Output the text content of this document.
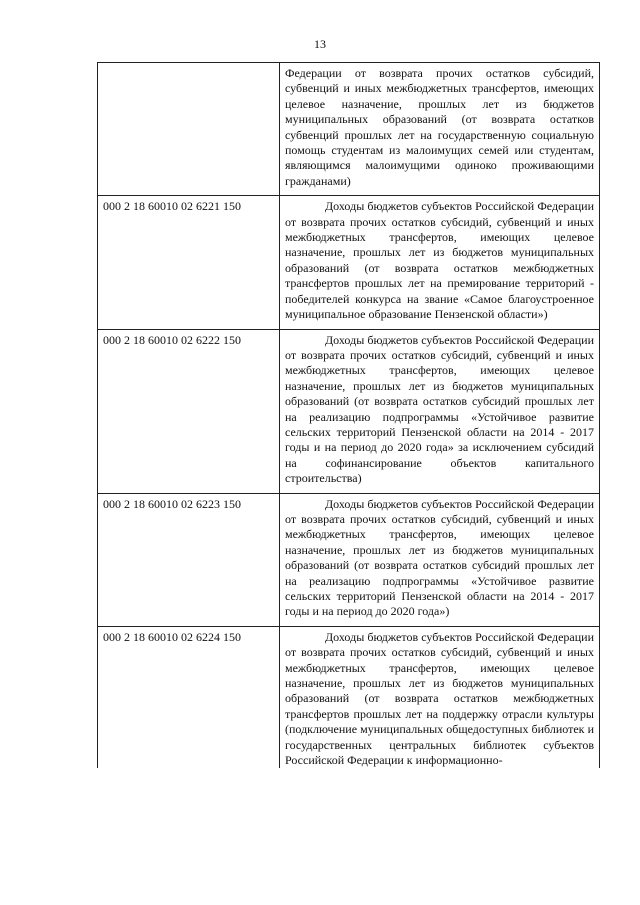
13
	Федерации от возврата прочих остатков субсидий, субвенций и иных межбюджетных трансфертов, имеющих целевое назначение, прошлых лет из бюджетов муниципальных образований (от возврата остатков субвенций прошлых лет на государственную социальную помощь студентам из малоимущих семей или студентам, являющимся малоимущими одиноко проживающими гражданами)
000 2 18 60010 02 6221 150	Доходы бюджетов субъектов Российской Федерации от возврата прочих остатков субсидий, субвенций и иных межбюджетных трансфертов, имеющих целевое назначение, прошлых лет из бюджетов муниципальных образований (от возврата остатков межбюджетных трансфертов прошлых лет на премирование территорий - победителей конкурса на звание «Самое благоустроенное муниципальное образование Пензенской области»)
000 2 18 60010 02 6222 150	Доходы бюджетов субъектов Российской Федерации от возврата прочих остатков субсидий, субвенций и иных межбюджетных трансфертов, имеющих целевое назначение, прошлых лет из бюджетов муниципальных образований (от возврата остатков субсидий прошлых лет на реализацию подпрограммы «Устойчивое развитие сельских территорий Пензенской области на 2014 - 2017 годы и на период до 2020 года» за исключением субсидий на софинансирование объектов капитального строительства)
000 2 18 60010 02 6223 150	Доходы бюджетов субъектов Российской Федерации от возврата прочих остатков субсидий, субвенций и иных межбюджетных трансфертов, имеющих целевое назначение, прошлых лет из бюджетов муниципальных образований (от возврата остатков субсидий прошлых лет на реализацию подпрограммы «Устойчивое развитие сельских территорий Пензенской области на 2014 - 2017 годы и на период до 2020 года»)
000 2 18 60010 02 6224 150	Доходы бюджетов субъектов Российской Федерации от возврата прочих остатков субсидий, субвенций и иных межбюджетных трансфертов, имеющих целевое назначение, прошлых лет из бюджетов муниципальных образований (от возврата остатков межбюджетных трансфертов прошлых лет на поддержку отрасли культуры (подключение муниципальных общедоступных библиотек и государственных центральных библиотек субъектов Российской Федерации к информационно-
